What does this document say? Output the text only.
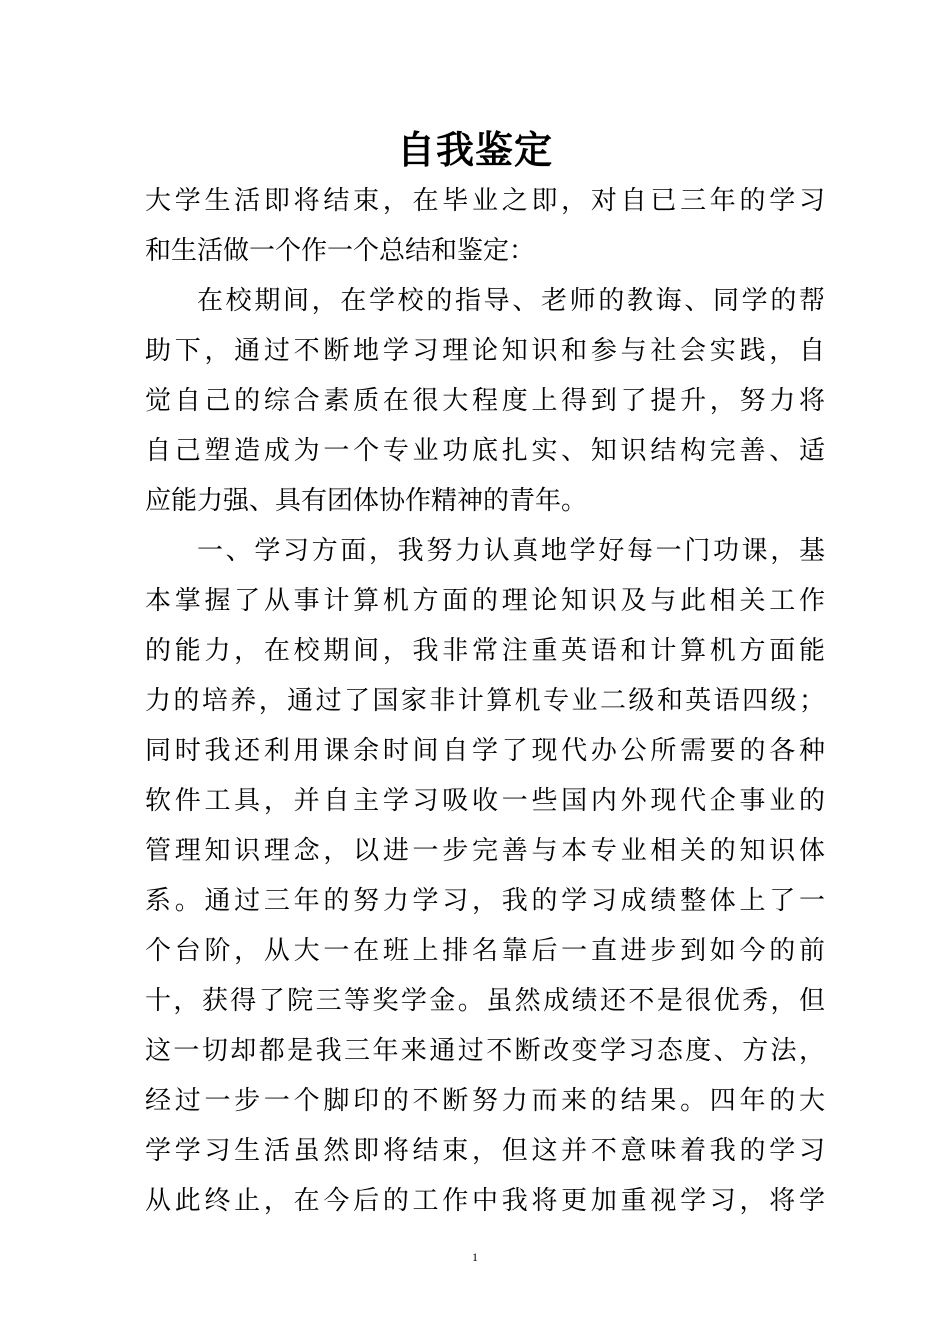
自我鉴定
大学生活即将结束，在毕业之即，对自已三年的学习
和生活做一个作一个总结和鉴定：
在校期间，在学校的指导、老师的教诲、同学的帮
助下，通过不断地学习理论知识和参与社会实践，自
觉自己的综合素质在很大程度上得到了提升，努力将
自己塑造成为一个专业功底扎实、知识结构完善、适
应能力强、具有团体协作精神的青年。
一、学习方面，我努力认真地学好每一门功课，基
本掌握了从事计算机方面的理论知识及与此相关工作
的能力，在校期间，我非常注重英语和计算机方面能
力的培养，通过了国家非计算机专业二级和英语四级；
同时我还利用课余时间自学了现代办公所需要的各种
软件工具，并自主学习吸收一些国内外现代企事业的
管理知识理念，以进一步完善与本专业相关的知识体
系。通过三年的努力学习，我的学习成绩整体上了一
个台阶，从大一在班上排名靠后一直进步到如今的前
十，获得了院三等奖学金。虽然成绩还不是很优秀，但
这一切却都是我三年来通过不断改变学习态度、方法，
经过一步一个脚印的不断努力而来的结果。四年的大
学学习生活虽然即将结束，但这并不意味着我的学习
从此终止，在今后的工作中我将更加重视学习，将学
1
